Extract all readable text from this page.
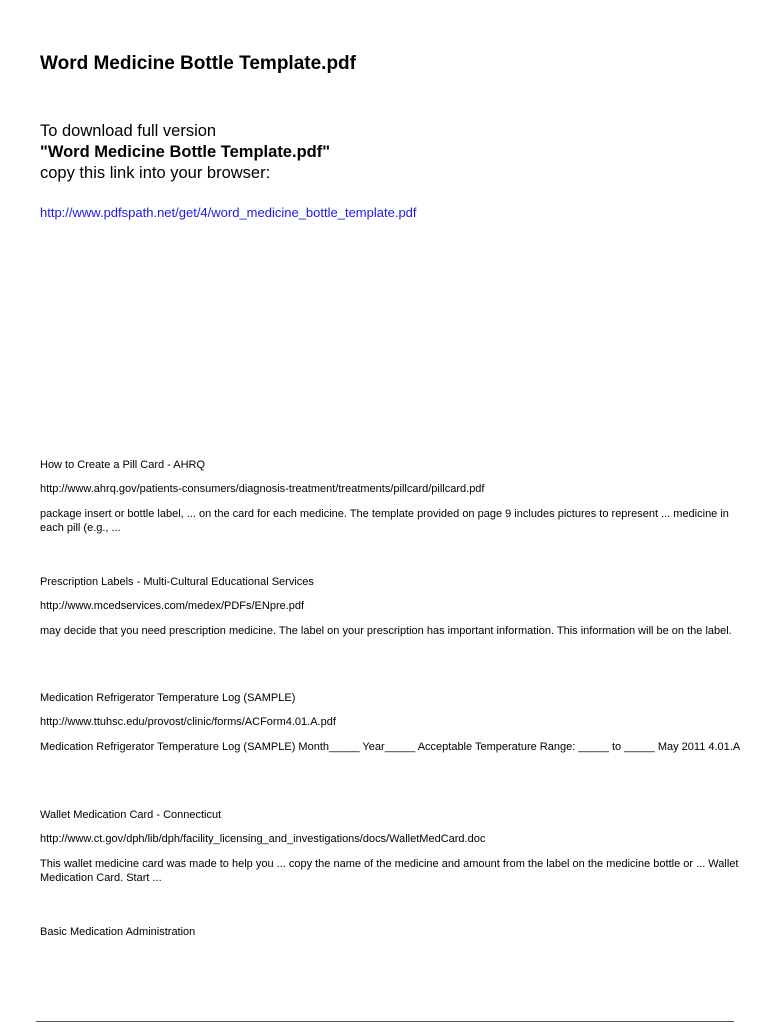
Word Medicine Bottle Template.pdf
To download full version
"Word Medicine Bottle Template.pdf"
copy this link into your browser:
http://www.pdfspath.net/get/4/word_medicine_bottle_template.pdf
How to Create a Pill Card - AHRQ
http://www.ahrq.gov/patients-consumers/diagnosis-treatment/treatments/pillcard/pillcard.pdf
package insert or bottle label, ... on the card for each medicine. The template provided on page 9 includes pictures to represent ... medicine in each pill (e.g., ...
Prescription Labels - Multi-Cultural Educational Services
http://www.mcedservices.com/medex/PDFs/ENpre.pdf
may decide that you need prescription medicine. The label on your prescription has important information. This information will be on the label.
Medication Refrigerator Temperature Log (SAMPLE)
http://www.ttuhsc.edu/provost/clinic/forms/ACForm4.01.A.pdf
Medication Refrigerator Temperature Log (SAMPLE) Month_____ Year_____ Acceptable Temperature Range: _____ to _____ May 2011 4.01.A
Wallet Medication Card - Connecticut
http://www.ct.gov/dph/lib/dph/facility_licensing_and_investigations/docs/WalletMedCard.doc
This wallet medicine card was made to help you ... copy the name of the medicine and amount from the label on the medicine bottle or ... Wallet Medication Card. Start ...
Basic Medication Administration
